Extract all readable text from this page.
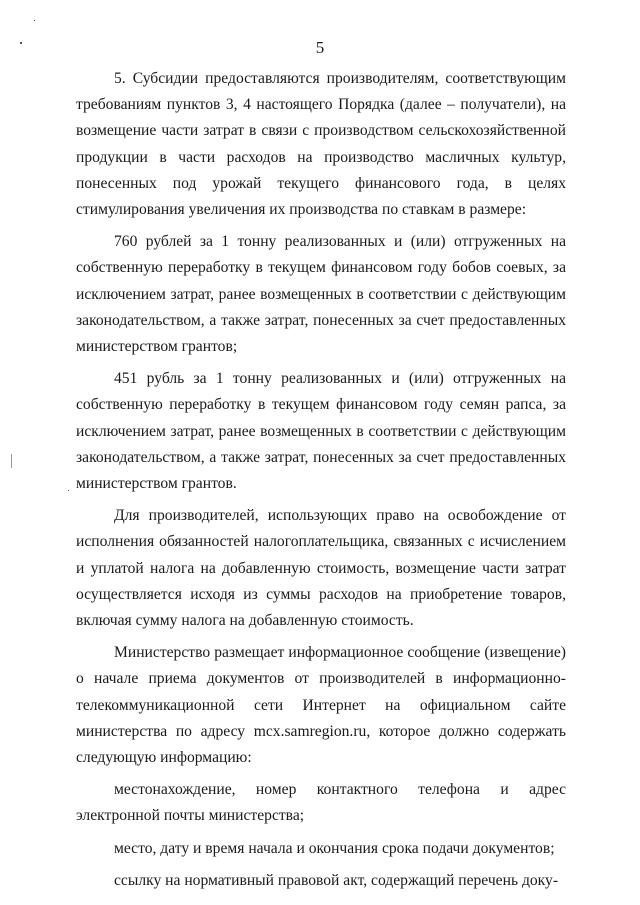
5

5. Субсидии предоставляются производителям, соответствующим требованиям пунктов 3, 4 настоящего Порядка (далее – получатели), на возмещение части затрат в связи с производством сельскохозяйственной продукции в части расходов на производство масличных культур, понесенных под урожай текущего финансового года, в целях стимулирования увеличения их производства по ставкам в размере:

760 рублей за 1 тонну реализованных и (или) отгруженных на собственную переработку в текущем финансовом году бобов соевых, за исключением затрат, ранее возмещенных в соответствии с действующим законодательством, а также затрат, понесенных за счет предоставленных министерством грантов;

451 рубль за 1 тонну реализованных и (или) отгруженных на собственную переработку в текущем финансовом году семян рапса, за исключением затрат, ранее возмещенных в соответствии с действующим законодательством, а также затрат, понесенных за счет предоставленных министерством грантов.

Для производителей, использующих право на освобождение от исполнения обязанностей налогоплательщика, связанных с исчислением и уплатой налога на добавленную стоимость, возмещение части затрат осуществляется исходя из суммы расходов на приобретение товаров, включая сумму налога на добавленную стоимость.

Министерство размещает информационное сообщение (извещение) о начале приема документов от производителей в информационно-телекоммуникационной сети Интернет на официальном сайте министерства по адресу mcx.samregion.ru, которое должно содержать следующую информацию:

местонахождение, номер контактного телефона и адрес электронной почты министерства;

место, дату и время начала и окончания срока подачи документов;

ссылку на нормативный правовой акт, содержащий перечень доку-
